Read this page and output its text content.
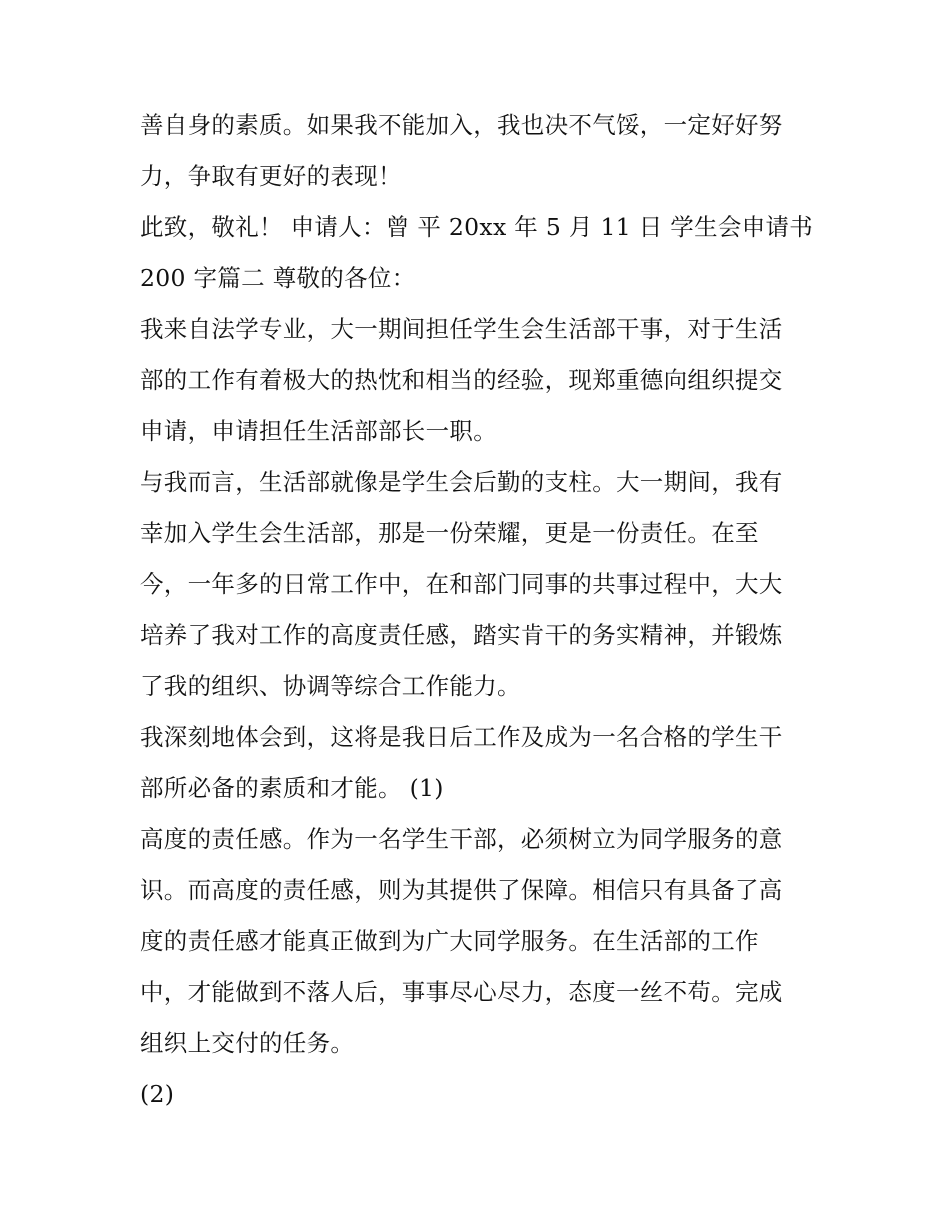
善自身的素质。如果我不能加入，我也决不气馁，一定好好努
力，争取有更好的表现！
此致，敬礼！ 申请人：曾 平 20xx 年 5 月 11 日 学生会申请书
200 字篇二 尊敬的各位：
我来自法学专业，大一期间担任学生会生活部干事，对于生活
部的工作有着极大的热忱和相当的经验，现郑重德向组织提交
申请，申请担任生活部部长一职。
与我而言，生活部就像是学生会后勤的支柱。大一期间，我有
幸加入学生会生活部，那是一份荣耀，更是一份责任。在至
今，一年多的日常工作中，在和部门同事的共事过程中，大大
培养了我对工作的高度责任感，踏实肯干的务实精神，并锻炼
了我的组织、协调等综合工作能力。
我深刻地体会到，这将是我日后工作及成为一名合格的学生干
部所必备的素质和才能。 (1)
高度的责任感。作为一名学生干部，必须树立为同学服务的意
识。而高度的责任感，则为其提供了保障。相信只有具备了高
度的责任感才能真正做到为广大同学服务。在生活部的工作
中，才能做到不落人后，事事尽心尽力，态度一丝不苟。完成
组织上交付的任务。
(2)
